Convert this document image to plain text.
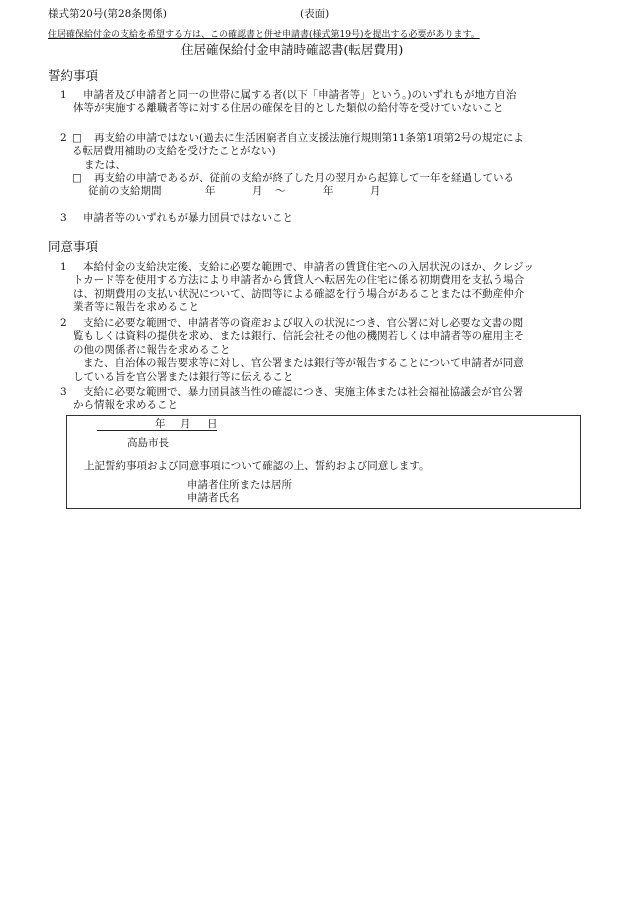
様式第20号(第28条関係)	(表面)
住居確保給付金の支給を希望する方は、この確認書と併せ申請書(様式第19号)を提出する必要があります。
住居確保給付金申請時確認書(転居費用)
誓約事項
1	申請者及び申請者と同一の世帯に属する者(以下「申請者等」という。)のいずれもが地方自治
体等が実施する離職者等に対する住居の確保を目的とした類似の給付等を受けていないこと
2 □	再支給の申請ではない(過去に生活困窮者自立支援法施行規則第11条第1項第2号の規定によ
る転居費用補助の支給を受けたことがない)
または、
□ 再支給の申請であるが、従前の支給が終了した月の翌月から起算して一年を経過している
従前の支給期間	年	月 〜	年	月
3 申請者等のいずれもが暴力団員ではないこと
同意事項
1	本給付金の支給決定後、支給に必要な範囲で、申請者の賃貸住宅への入居状況のほか、クレジッ
トカード等を使用する方法により申請者から賃貸人へ転居先の住宅に係る初期費用を支払う場合
は、初期費用の支払い状況について、訪問等による確認を行う場合があることまたは不動産仲介
業者等に報告を求めること
2	支給に必要な範囲で、申請者等の資産および収入の状況につき、官公署に対し必要な文書の閲
覧もしくは資料の提供を求め、または銀行、信託会社その他の機関若しくは申請者等の雇用主そ
の他の関係者に報告を求めること
また、自治体の報告要求等に対し、官公署または銀行等が報告することについて申請者が同意
している旨を官公署または銀行等に伝えること
3	支給に必要な範囲で、暴力団員該当性の確認につき、実施主体または社会福祉協議会が官公署
から情報を求めること
年 月 日
高島市長
上記誓約事項および同意事項について確認の上、誓約および同意します。
申請者住所または居所
申請者氏名
